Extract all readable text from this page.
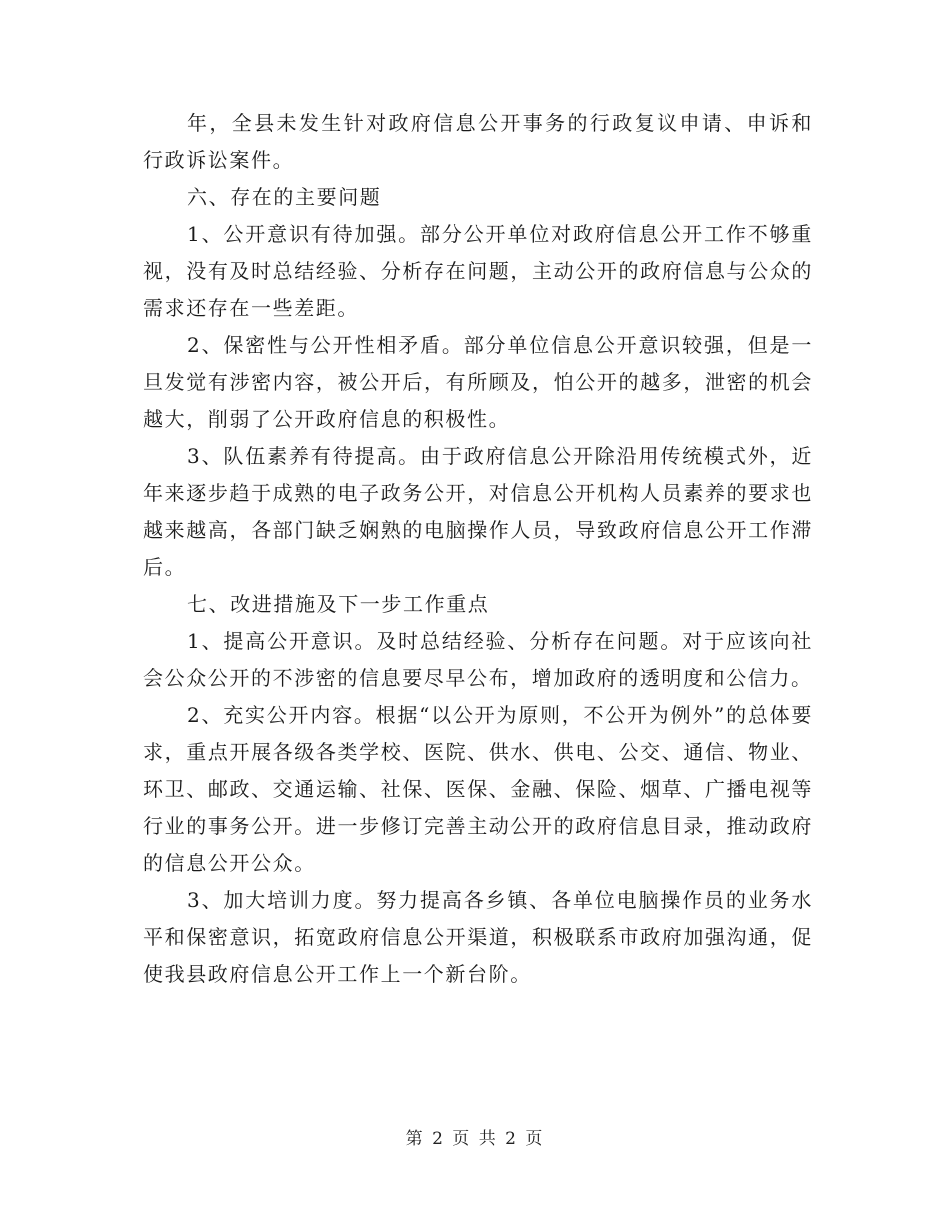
年，全县未发生针对政府信息公开事务的行政复议申请、申诉和行政诉讼案件。

六、存在的主要问题

1、公开意识有待加强。部分公开单位对政府信息公开工作不够重视，没有及时总结经验、分析存在问题，主动公开的政府信息与公众的需求还存在一些差距。

2、保密性与公开性相矛盾。部分单位信息公开意识较强，但是一旦发觉有涉密内容，被公开后，有所顾及，怕公开的越多，泄密的机会越大，削弱了公开政府信息的积极性。

3、队伍素养有待提高。由于政府信息公开除沿用传统模式外，近年来逐步趋于成熟的电子政务公开，对信息公开机构人员素养的要求也越来越高，各部门缺乏娴熟的电脑操作人员，导致政府信息公开工作滞后。

七、改进措施及下一步工作重点

1、提高公开意识。及时总结经验、分析存在问题。对于应该向社会公众公开的不涉密的信息要尽早公布，增加政府的透明度和公信力。

2、充实公开内容。根据“以公开为原则，不公开为例外”的总体要求，重点开展各级各类学校、医院、供水、供电、公交、通信、物业、环卫、邮政、交通运输、社保、医保、金融、保险、烟草、广播电视等行业的事务公开。进一步修订完善主动公开的政府信息目录，推动政府的信息公开公众。

3、加大培训力度。努力提高各乡镇、各单位电脑操作员的业务水平和保密意识，拓宽政府信息公开渠道，积极联系市政府加强沟通，促使我县政府信息公开工作上一个新台阶。

第 2 页 共 2 页
